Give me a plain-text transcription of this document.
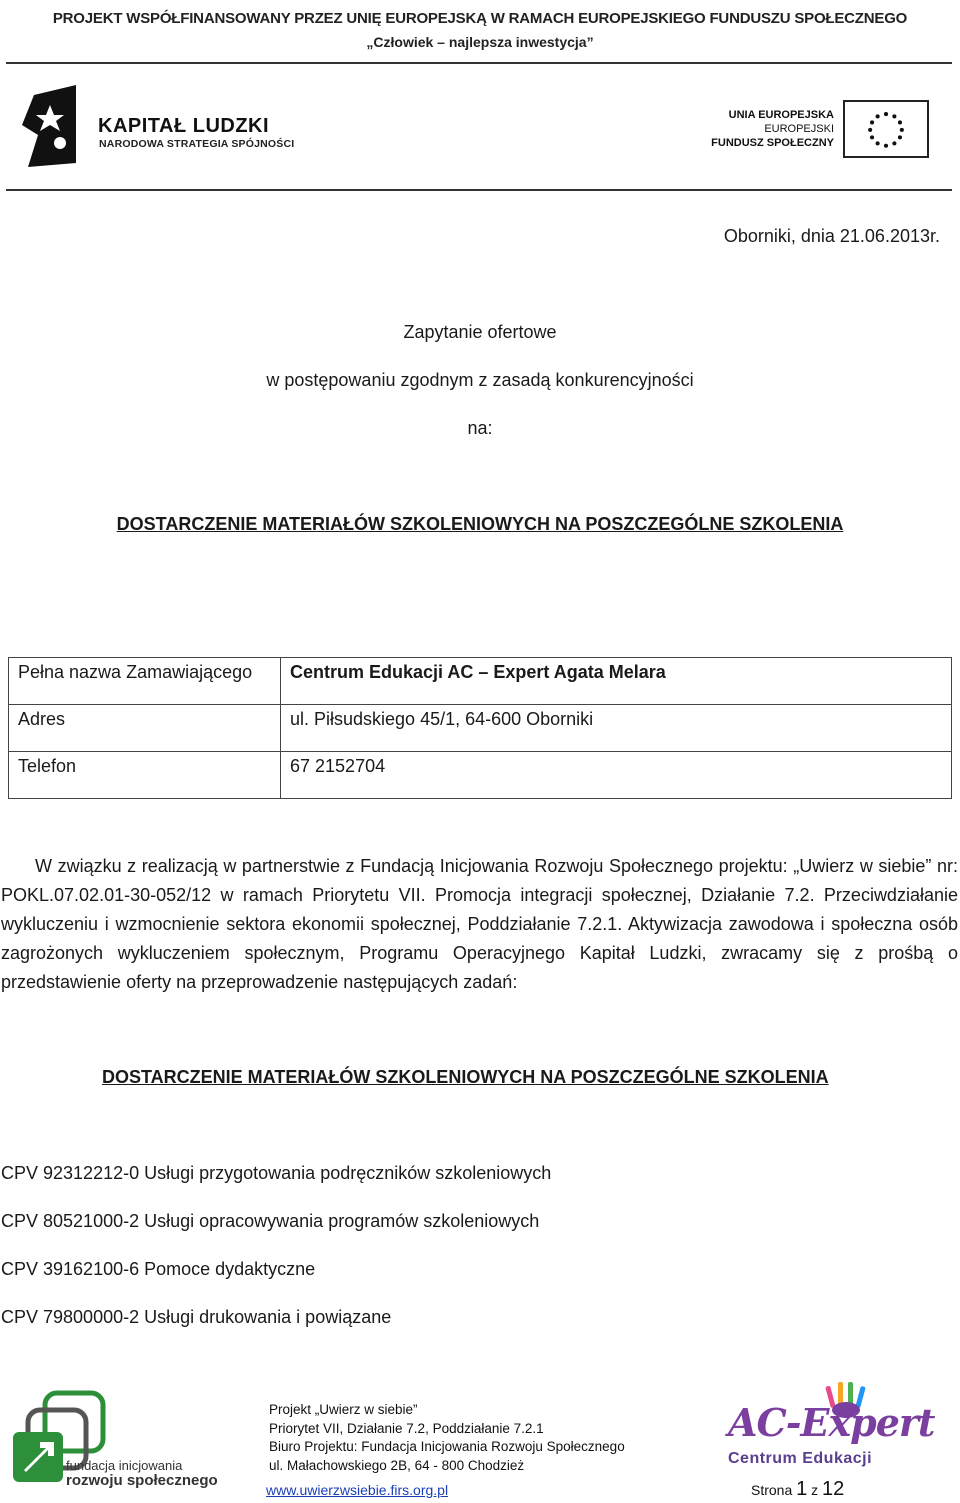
PROJEKT WSPÓŁFINANSOWANY PRZEZ UNIĘ EUROPEJSKĄ W RAMACH EUROPEJSKIEGO FUNDUSZU SPOŁECZNEGO
„Człowiek – najlepsza inwestycja”
KAPITAŁ LUDZKI
NARODOWA STRATEGIA SPÓJNOŚCI
UNIA EUROPEJSKA
EUROPEJSKI
FUNDUSZ SPOŁECZNY
Oborniki, dnia 21.06.2013r.
Zapytanie ofertowe
w postępowaniu zgodnym z zasadą konkurencyjności
na:
DOSTARCZENIE MATERIAŁÓW SZKOLENIOWYCH NA POSZCZEGÓLNE SZKOLENIA
Pełna nazwa Zamawiającego	Centrum Edukacji AC – Expert Agata Melara
Adres	ul. Piłsudskiego 45/1, 64-600 Oborniki
Telefon	67 2152704
W związku z realizacją w partnerstwie z Fundacją Inicjowania Rozwoju Społecznego projektu: „Uwierz w siebie” nr: POKL.07.02.01-30-052/12 w ramach Priorytetu VII. Promocja integracji społecznej, Działanie 7.2. Przeciwdziałanie wykluczeniu i wzmocnienie sektora ekonomii społecznej, Poddziałanie 7.2.1. Aktywizacja zawodowa i społeczna osób zagrożonych wykluczeniem społecznym, Programu Operacyjnego Kapitał Ludzki, zwracamy się z prośbą o przedstawienie oferty na przeprowadzenie następujących zadań:
DOSTARCZENIE MATERIAŁÓW SZKOLENIOWYCH NA POSZCZEGÓLNE SZKOLENIA
CPV 92312212-0 Usługi przygotowania podręczników szkoleniowych
CPV 80521000-2 Usługi opracowywania programów szkoleniowych
CPV 39162100-6 Pomoce dydaktyczne
CPV 79800000-2 Usługi drukowania i powiązane
fundacja inicjowania
rozwoju społecznego
Projekt „Uwierz w siebie”
Priorytet VII, Działanie 7.2, Poddziałanie 7.2.1
Biuro Projektu: Fundacja Inicjowania Rozwoju Społecznego
ul. Małachowskiego 2B, 64 - 800 Chodzież
www.uwierzwsiebie.firs.org.pl
AC-Expert
Centrum Edukacji
Strona 1 z 12
